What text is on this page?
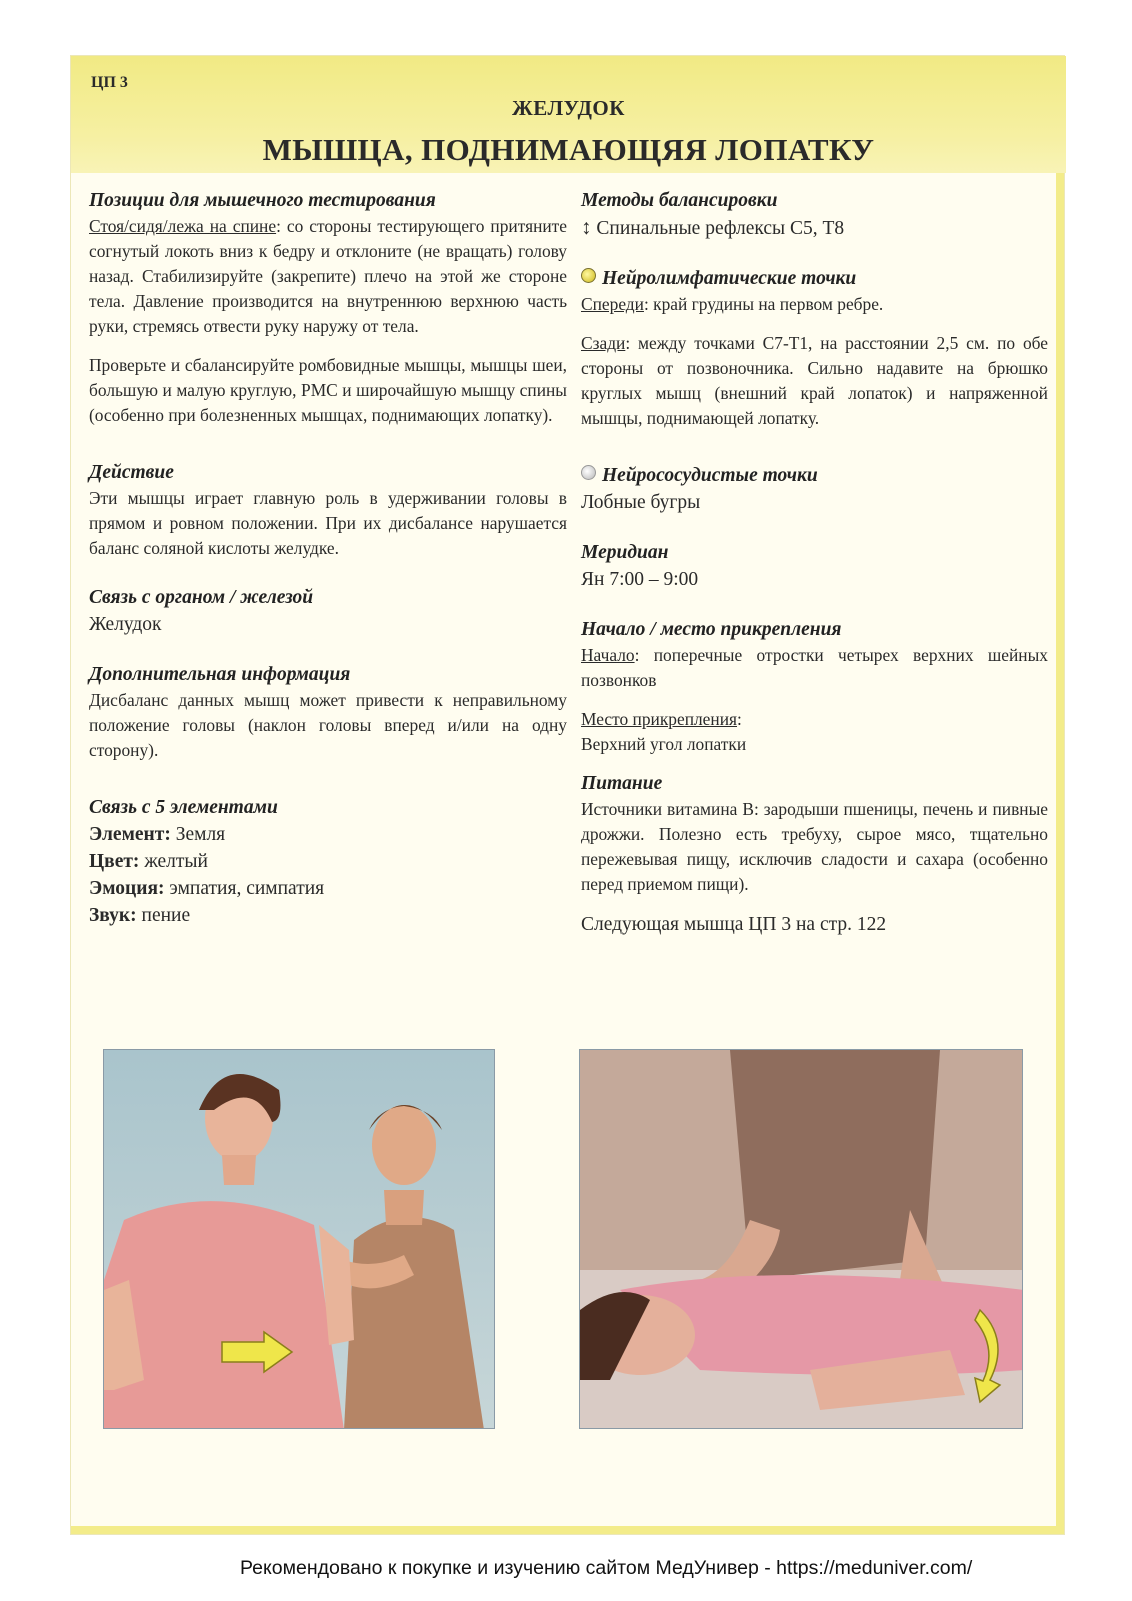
ЦП 3
ЖЕЛУДОК
МЫШЦА, ПОДНИМАЮЩЯЯ ЛОПАТКУ
Позиции для мышечного тестирования

Стоя/сидя/лежа на спине: со стороны тестирующего притяните согнутый локоть вниз к бедру и отклоните (не вращать) голову назад. Стабилизируйте (закрепите) плечо на этой же стороне тела. Давление производится на внутреннюю верхнюю часть руки, стремясь отвести руку наружу от тела.

Проверьте и сбалансируйте ромбовидные мышцы, мышцы шеи, большую и малую круглую, PMC и широчайшую мышцу спины (особенно при болезненных мышцах, поднимающих лопатку).

Действие

Эти мышцы играет главную роль в удерживании головы в прямом и ровном положении. При их дисбалансе нарушается баланс соляной кислоты желудке.

Связь с органом / железой

Желудок

Дополнительная информация

Дисбаланс данных мышц может привести к неправильному положение головы (наклон головы вперед и/или на одну сторону).

Связь с 5 элементами
Элемент: Земля
Цвет: желтый
Эмоция: эмпатия, симпатия
Звук: пение
Методы балансировки
↕ Спинальные рефлексы С5, Т8
Нейролимфатические точки

Спереди: край грудины на первом ребре.

Сзади: между точками С7-Т1, на расстоянии 2,5 см. по обе стороны от позвоночника. Сильно надавите на брюшко круглых мышц (внешний край лопаток) и напряженной мышцы, поднимающей лопатку.

Нейрососудистые точки

Лобные бугры

Меридиан

Ян 7:00 – 9:00

Начало / место прикрепления

Начало: поперечные отростки четырех верхних шейных позвонков

Место прикрепления:

Верхний угол лопатки

Питание

Источники витамина В: зародыши пшеницы, печень и пивные дрожжи. Полезно есть требуху, сырое мясо, тщательно пережевывая пищу, исключив сладости и сахара (особенно перед приемом пищи).

Следующая мышца ЦП 3 на стр. 122

Рекомендовано к покупке и изучению сайтом МедУнивер - https://meduniver.com/
